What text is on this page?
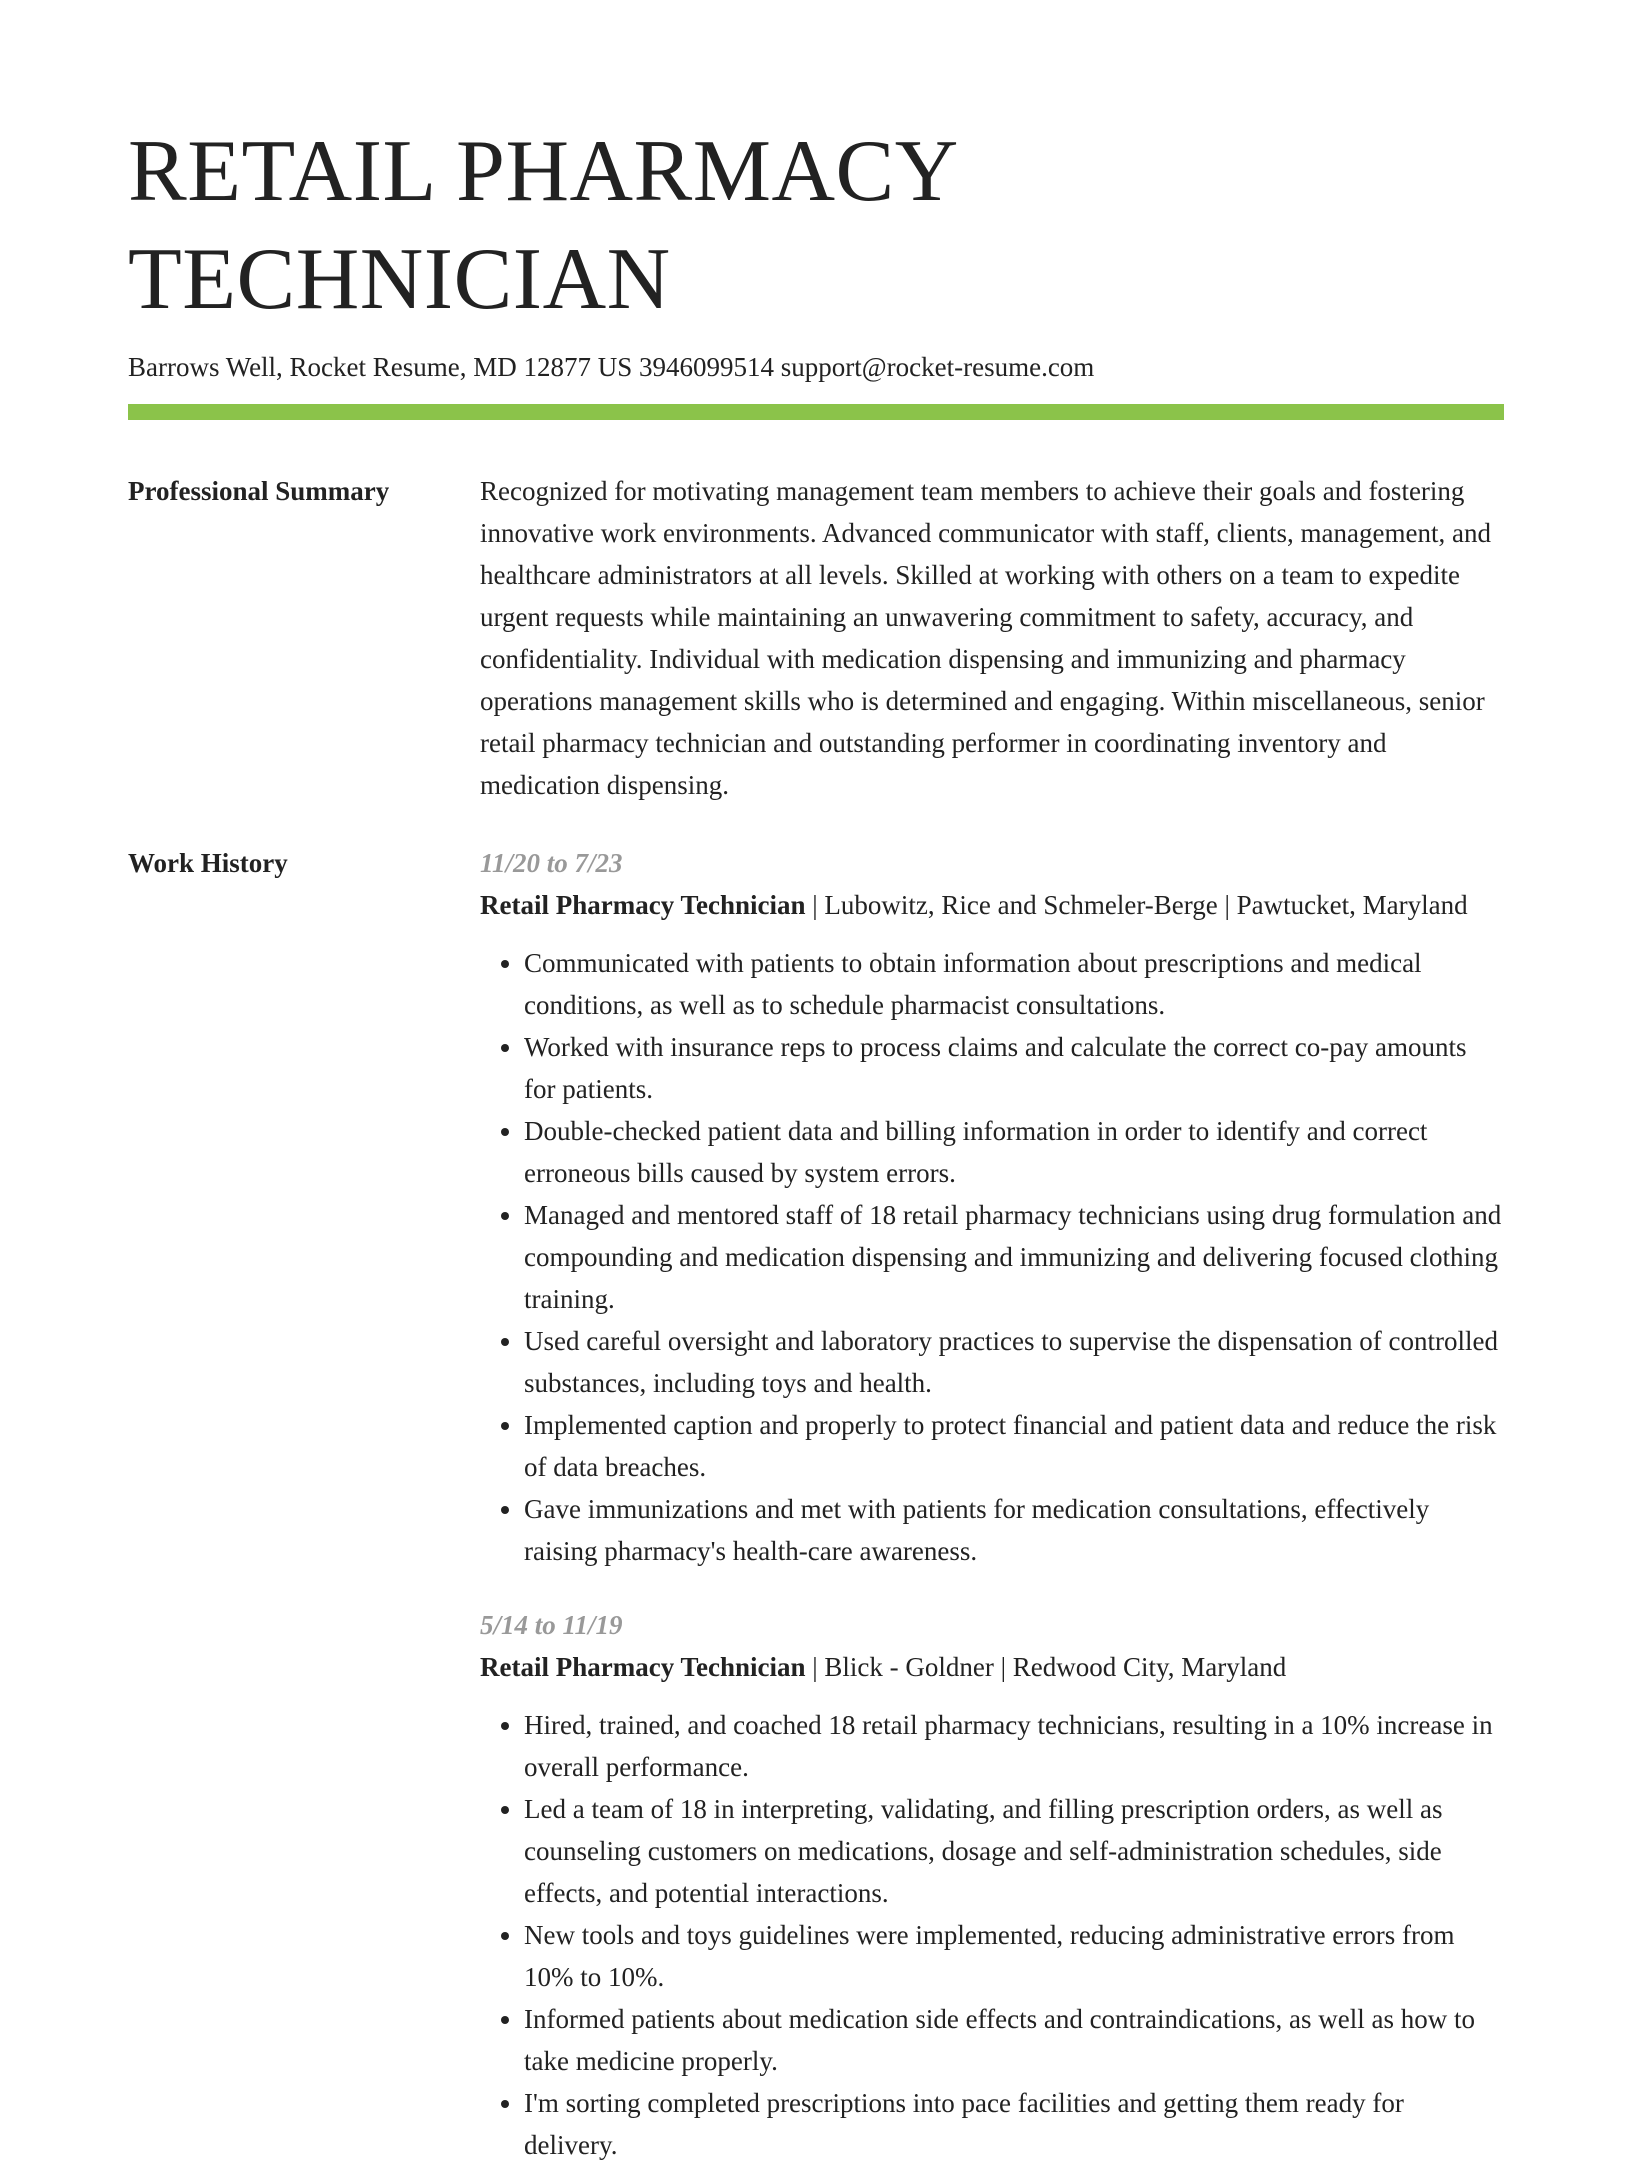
RETAIL PHARMACY TECHNICIAN
Barrows Well, Rocket Resume, MD 12877 US 3946099514 support@rocket-resume.com
Professional Summary	Recognized for motivating management team members to achieve their goals and fostering innovative work environments. Advanced communicator with staff, clients, management, and healthcare administrators at all levels. Skilled at working with others on a team to expedite urgent requests while maintaining an unwavering commitment to safety, accuracy, and confidentiality. Individual with medication dispensing and immunizing and pharmacy operations management skills who is determined and engaging. Within miscellaneous, senior retail pharmacy technician and outstanding performer in coordinating inventory and medication dispensing.

Work History	11/20 to 7/23
Retail Pharmacy Technician | Lubowitz, Rice and Schmeler-Berge | Pawtucket, Maryland
• Communicated with patients to obtain information about prescriptions and medical conditions, as well as to schedule pharmacist consultations.
• Worked with insurance reps to process claims and calculate the correct co-pay amounts for patients.
• Double-checked patient data and billing information in order to identify and correct erroneous bills caused by system errors.
• Managed and mentored staff of 18 retail pharmacy technicians using drug formulation and compounding and medication dispensing and immunizing and delivering focused clothing training.
• Used careful oversight and laboratory practices to supervise the dispensation of controlled substances, including toys and health.
• Implemented caption and properly to protect financial and patient data and reduce the risk of data breaches.
• Gave immunizations and met with patients for medication consultations, effectively raising pharmacy's health-care awareness.
5/14 to 11/19
Retail Pharmacy Technician | Blick - Goldner | Redwood City, Maryland
• Hired, trained, and coached 18 retail pharmacy technicians, resulting in a 10% increase in overall performance.
• Led a team of 18 in interpreting, validating, and filling prescription orders, as well as counseling customers on medications, dosage and self-administration schedules, side effects, and potential interactions.
• New tools and toys guidelines were implemented, reducing administrative errors from 10% to 10%.
• Informed patients about medication side effects and contraindications, as well as how to take medicine properly.
• I'm sorting completed prescriptions into pace facilities and getting them ready for delivery.
